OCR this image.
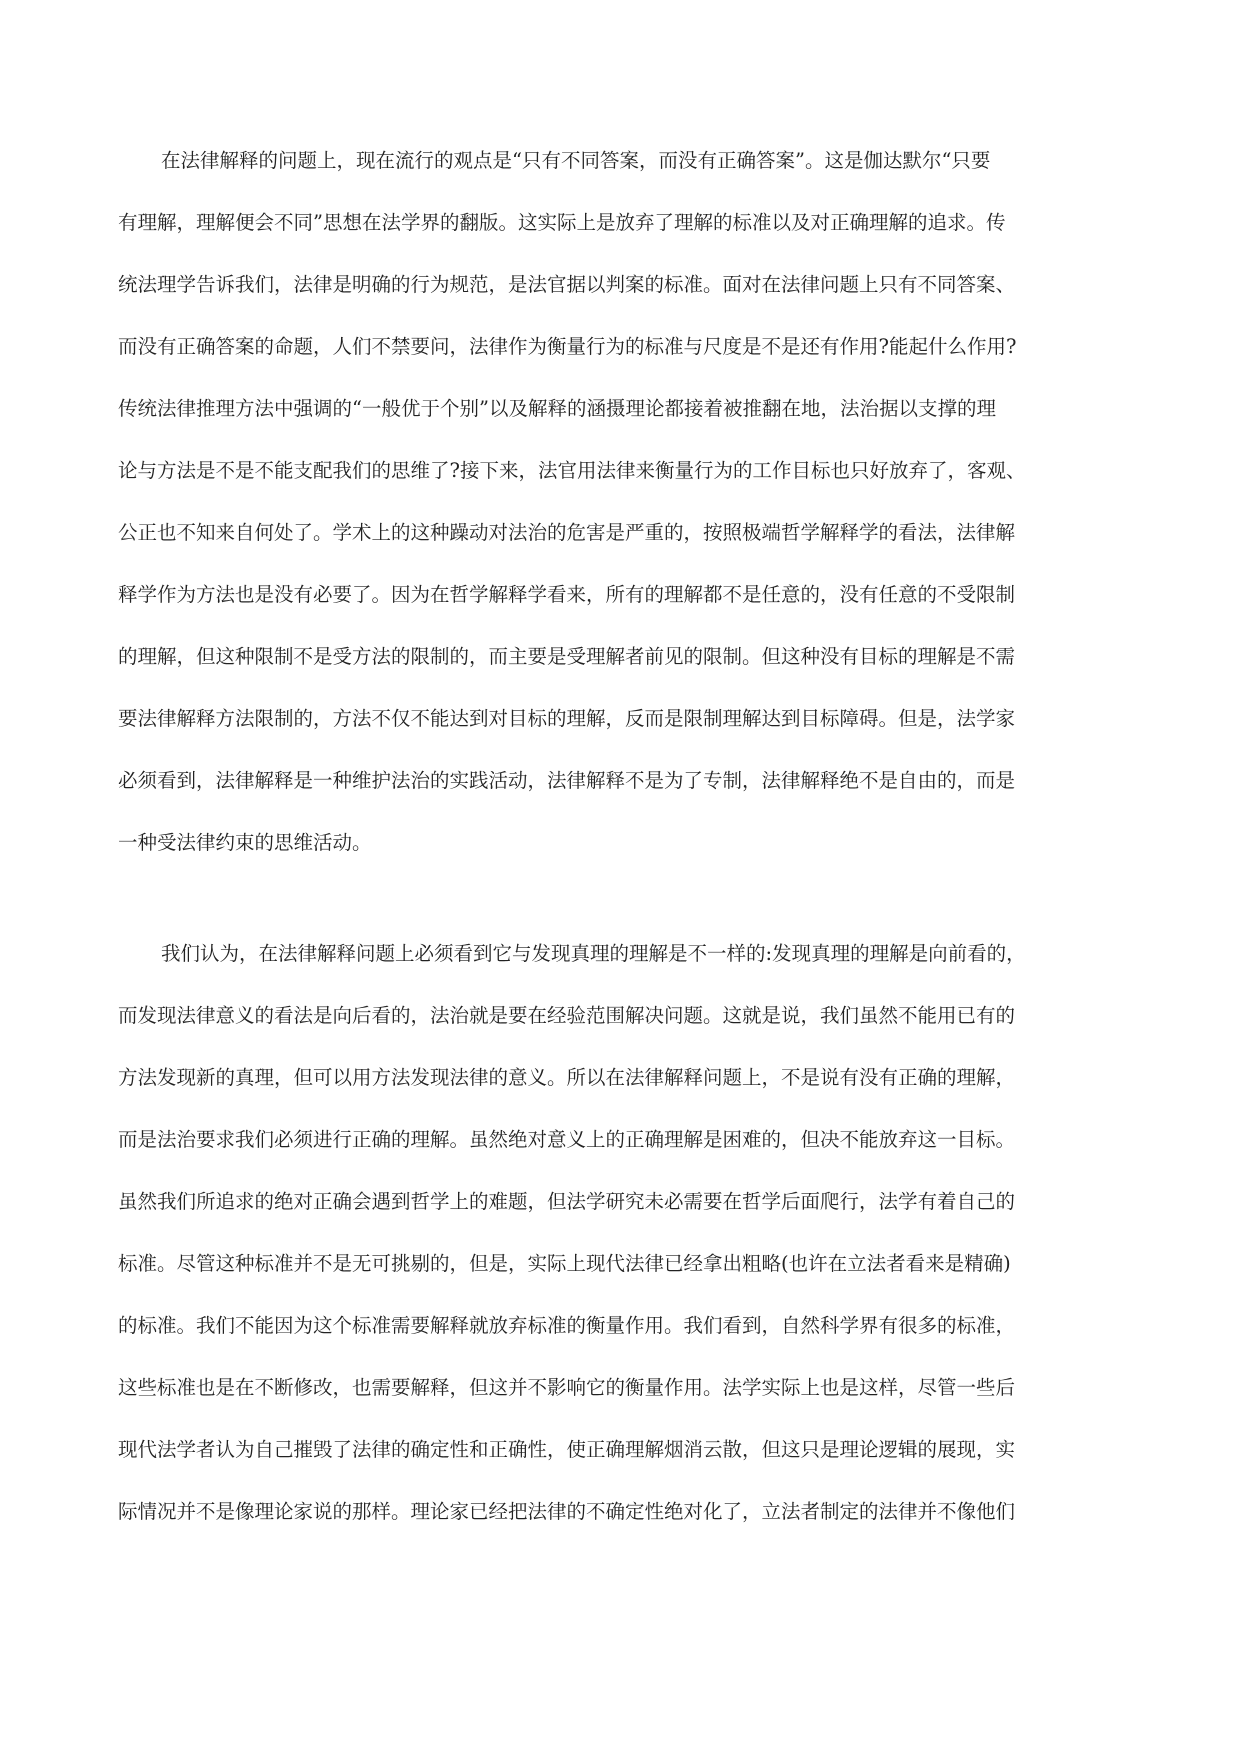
在法律解释的问题上，现在流行的观点是“只有不同答案，而没有正确答案”。这是伽达默尔“只要
有理解，理解便会不同”思想在法学界的翻版。这实际上是放弃了理解的标准以及对正确理解的追求。传
统法理学告诉我们，法律是明确的行为规范，是法官据以判案的标准。面对在法律问题上只有不同答案、
而没有正确答案的命题，人们不禁要问，法律作为衡量行为的标准与尺度是不是还有作用?能起什么作用?
传统法律推理方法中强调的“一般优于个别”以及解释的涵摄理论都接着被推翻在地，法治据以支撑的理
论与方法是不是不能支配我们的思维了?接下来，法官用法律来衡量行为的工作目标也只好放弃了，客观、
公正也不知来自何处了。学术上的这种躁动对法治的危害是严重的，按照极端哲学解释学的看法，法律解
释学作为方法也是没有必要了。因为在哲学解释学看来，所有的理解都不是任意的，没有任意的不受限制
的理解，但这种限制不是受方法的限制的，而主要是受理解者前见的限制。但这种没有目标的理解是不需
要法律解释方法限制的，方法不仅不能达到对目标的理解，反而是限制理解达到目标障碍。但是，法学家
必须看到，法律解释是一种维护法治的实践活动，法律解释不是为了专制，法律解释绝不是自由的，而是
一种受法律约束的思维活动。
我们认为，在法律解释问题上必须看到它与发现真理的理解是不一样的:发现真理的理解是向前看的，
而发现法律意义的看法是向后看的，法治就是要在经验范围解决问题。这就是说，我们虽然不能用已有的
方法发现新的真理，但可以用方法发现法律的意义。所以在法律解释问题上，不是说有没有正确的理解，
而是法治要求我们必须进行正确的理解。虽然绝对意义上的正确理解是困难的，但决不能放弃这一目标。
虽然我们所追求的绝对正确会遇到哲学上的难题，但法学研究未必需要在哲学后面爬行，法学有着自己的
标准。尽管这种标准并不是无可挑剔的，但是，实际上现代法律已经拿出粗略(也许在立法者看来是精确)
的标准。我们不能因为这个标准需要解释就放弃标准的衡量作用。我们看到，自然科学界有很多的标准，
这些标准也是在不断修改，也需要解释，但这并不影响它的衡量作用。法学实际上也是这样，尽管一些后
现代法学者认为自己摧毁了法律的确定性和正确性，使正确理解烟消云散，但这只是理论逻辑的展现，实
际情况并不是像理论家说的那样。理论家已经把法律的不确定性绝对化了，立法者制定的法律并不像他们
